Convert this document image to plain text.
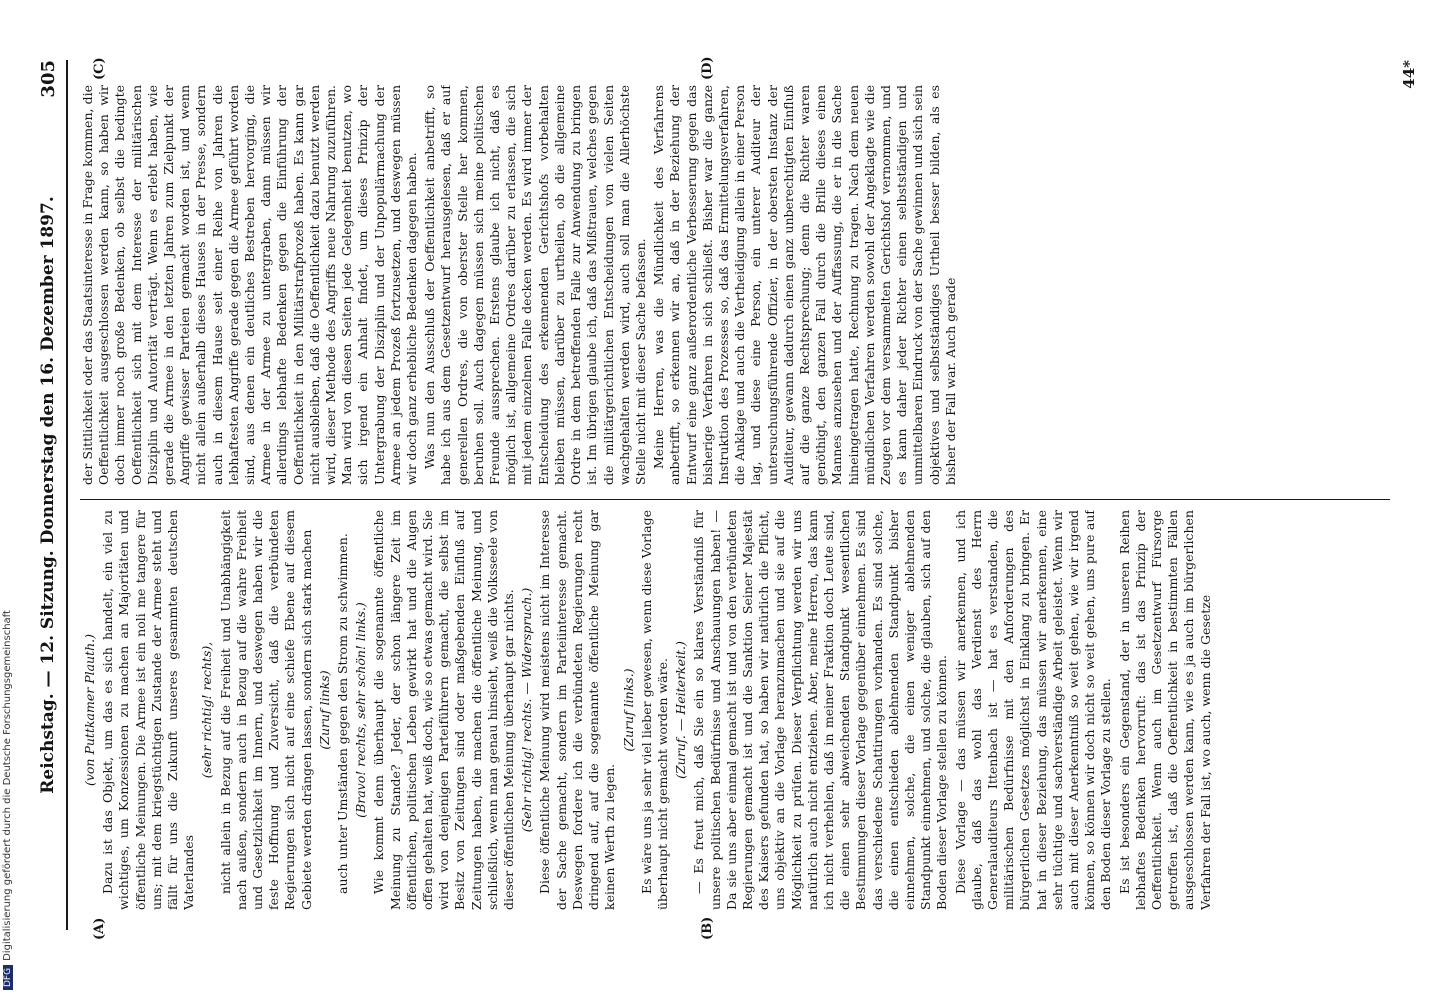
Reichstag. — 12. Sitzung. Donnerstag den 16. Dezember 1897.
305
(A)	(B)
(C)	(D)

(von Puttkamer Plauth.) Dazu ist das Objekt, um das es sich handelt, ein viel zu wichtiges, um Konzessionen zu machen an Majoritäten und öffentliche Meinungen. Die Armee ist ein noli me tangere für uns; mit dem kriegstüchtigen Zustande der Armee steht und fällt für uns die Zukunft unseres gesammten deutschen Vaterlandes

(sehr richtig! rechts), nicht allein in Bezug auf die Freiheit und Unabhängigkeit nach außen, sondern auch in Bezug auf die wahre Freiheit und Gesetzlichkeit im Innern, und deswegen haben wir die feste Hoffnung und Zuversicht, daß die verbündeten Regierungen sich nicht auf eine schiefe Ebene auf diesem Gebiete werden drängen lassen, sondern sich stark machen (Zuruf links) auch unter Umständen gegen den Strom zu schwimmen. (Bravo! rechts, sehr schön! links.) Wie kommt denn überhaupt die sogenannte öffentliche Meinung zu Stande? Jeder, der schon längere Zeit im öffentlichen, politischen Leben gewirkt hat und die Augen offen gehalten hat, weiß doch, wie so etwas gemacht wird. Sie wird von denjenigen Parteiführern gemacht, die selbst im Besitz von Zeitungen sind oder maßgebenden Einfluß auf Zeitungen haben, die machen die öffentliche Meinung, und schließlich, wenn man genau hinsieht, weiß die Volksseele von dieser öffentlichen Meinung überhaupt gar nichts. (Sehr richtig! rechts. — Widerspruch.) Diese öffentliche Meinung wird meistens nicht im Interesse der Sache gemacht, sondern im Parteiinteresse gemacht. Deswegen fordere ich die verbündeten Regierungen recht dringend auf, auf die sogenannte öffentliche Meinung gar keinen Werth zu legen.

(Zuruf links.) Es wäre uns ja sehr viel lieber gewesen, wenn diese Vorlage überhaupt nicht gemacht worden wäre. (Zuruf. — Heiterkeit.) — Es freut mich, daß Sie ein so klares Verständniß für unsere politischen Bedürfnisse und Anschauungen haben! — Da sie uns aber einmal gemacht ist und von den verbündeten Regierungen gemacht ist und die Sanktion Seiner Majestät des Kaisers gefunden hat, so haben wir natürlich die Pflicht, uns objektiv an die Vorlage heranzumachen und sie auf die Möglichkeit zu prüfen. Dieser Verpflichtung werden wir uns natürlich auch nicht entziehen. Aber, meine Herren, das kann ich nicht verhehlen, daß in meiner Fraktion doch Leute sind, die einen sehr abweichenden Standpunkt wesentlichen Bestimmungen dieser Vorlage gegenüber einnehmen. Es sind das verschiedene Schattirungen vorhanden. Es sind solche, die einen entschieden ablehnenden Standpunkt bisher einnehmen, solche, die einen weniger ablehnenden Standpunkt einnehmen, und solche, die glauben, sich auf den Boden dieser Vorlage stellen zu können. Diese Vorlage — das müssen wir anerkennen, und ich glaube, daß das wohl das Verdienst des Herrn Generalauditeurs Ittenbach ist — hat es verstanden, die militärischen Bedürfnisse mit den Anforderungen des bürgerlichen Gesetzes möglichst in Einklang zu bringen. Er hat in dieser Beziehung, das müssen wir anerkennen, eine sehr tüchtige und sachverständige Arbeit geleistet. Wenn wir auch mit dieser Anerkenntniß so weit gehen, wie wir irgend können, so können wir doch nicht so weit gehen, uns pure auf den Boden dieser Vorlage zu stellen. Es ist besonders ein Gegenstand, der in unseren Reihen lebhaftes Bedenken hervorruft: das ist das Prinzip der Oeffentlichkeit. Wenn auch im Gesetzentwurf Fürsorge getroffen ist, daß die Oeffentlichkeit in bestimmten Fällen ausgeschlossen werden kann, wie es ja auch im bürgerlichen Verfahren der Fall ist, wo auch, wenn die Gesetze

der Sittlichkeit oder das Staatsinteresse in Frage kommen, die Oeffentlichkeit ausgeschlossen werden kann, so haben wir doch immer noch große Bedenken, ob selbst die bedingte Oeffentlichkeit sich mit dem Interesse der militärischen Disziplin und Autorität verträgt. Wenn es erlebt haben, wie gerade die Armee in den letzten Jahren zum Zielpunkt der Angriffe gewisser Parteien gemacht worden ist, und wenn nicht allein außerhalb dieses Hauses in der Presse, sondern auch in diesem Hause seit einer Reihe von Jahren die lebhaftesten Angriffe gerade gegen die Armee geführt worden sind, aus denen ein deutliches Bestreben hervorging, die Armee in der Armee zu untergraben, dann müssen wir allerdings lebhafte Bedenken gegen die Einführung der Oeffentlichkeit in den Militärstrafprozeß haben. Es kann gar nicht ausbleiben, daß die Oeffentlichkeit dazu benutzt werden wird, dieser Methode des Angriffs neue Nahrung zuzuführen. Man wird von diesen Seiten jede Gelegenheit benutzen, wo sich irgend ein Anhalt findet, um dieses Prinzip der Untergrabung der Disziplin und der Unpopulärmachung der Armee an jedem Prozeß fortzusetzen, und deswegen müssen wir doch ganz erhebliche Bedenken dagegen haben. Was nun den Ausschluß der Oeffentlichkeit anbetrifft, so habe ich aus dem Gesetzentwurf herausgelesen, daß er auf generellen Ordres, die von oberster Stelle her kommen, beruhen soll. Auch dagegen müssen sich meine politischen Freunde aussprechen. Erstens glaube ich nicht, daß es möglich ist, allgemeine Ordres darüber zu erlassen, die sich mit jedem einzelnen Falle decken werden. Es wird immer der Entscheidung des erkennenden Gerichtshofs vorbehalten bleiben müssen, darüber zu urtheilen, ob die allgemeine Ordre in dem betreffenden Falle zur Anwendung zu bringen ist. Im übrigen glaube ich, daß das Mißtrauen, welches gegen die militärgerichtlichen Entscheidungen von vielen Seiten wachgehalten werden wird, auch soll man die Allerhöchste Stelle nicht mit dieser Sache befassen. Meine Herren, was die Mündlichkeit des Verfahrens anbetrifft, so erkennen wir an, daß in der Beziehung der Entwurf eine ganz außerordentliche Verbesserung gegen das bisherige Verfahren in sich schließt. Bisher war die ganze Instruktion des Prozesses so, daß das Ermittelungsverfahren, die Anklage und auch die Vertheidigung allein in einer Person lag, und diese eine Person, ein unterer Auditeur der untersuchungsführende Offizier, in der obersten Instanz der Auditeur, gewann dadurch einen ganz unberechtigten Einfluß auf die ganze Rechtsprechung; denn die Richter waren genöthigt, den ganzen Fall durch die Brille dieses einen Mannes anzusehen und der Auffassung, die er in die Sache hineingetragen hatte, Rechnung zu tragen. Nach dem neuen mündlichen Verfahren werden sowohl der Angeklagte wie die Zeugen vor dem versammelten Gerichtshof vernommen, und es kann daher jeder Richter einen selbstständigen und unmittelbaren Eindruck von der Sache gewinnen und sich sein objektives und selbstständiges Urtheil besser bilden, als es bisher der Fall war. Auch gerade

44*
DFGDigitalisierung gefördert durch die Deutsche Forschungsgemeinschaft
